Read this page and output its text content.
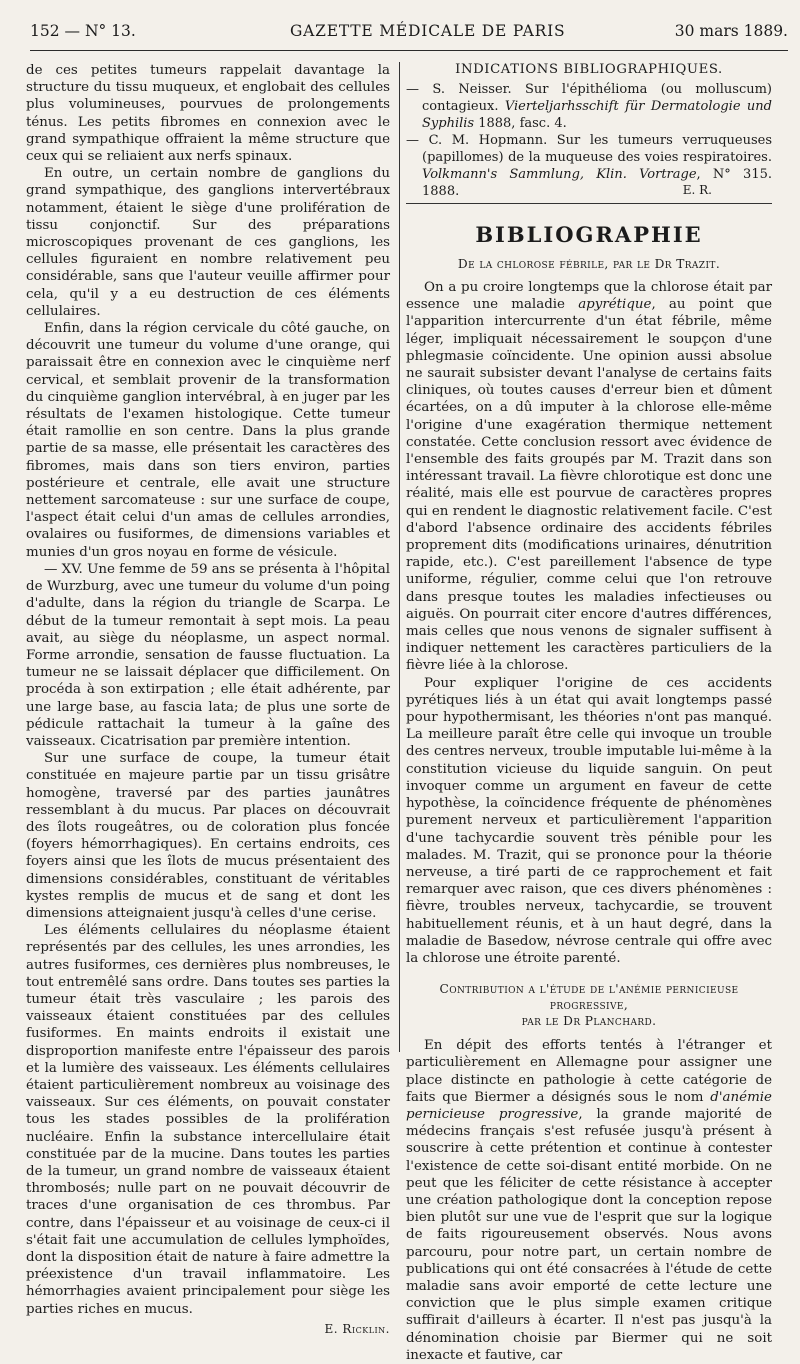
152 — N° 13.	GAZETTE MÉDICALE DE PARIS	30 mars 1889.

de ces petites tumeurs rappelait davantage la structure du tissu muqueux, et englobait des cellules plus volumineuses, pourvues de prolongements ténus. Les petits fibromes en connexion avec le grand sympathique offraient la même structure que ceux qui se reliaient aux nerfs spinaux.

En outre, un certain nombre de ganglions du grand sympathique, des ganglions intervertébraux notamment, étaient le siège d'une prolifération de tissu conjonctif. Sur des préparations microscopiques provenant de ces ganglions, les cellules figuraient en nombre relativement peu considérable, sans que l'auteur veuille affirmer pour cela, qu'il y a eu destruction de ces éléments cellulaires.

Enfin, dans la région cervicale du côté gauche, on découvrit une tumeur du volume d'une orange, qui paraissait être en connexion avec le cinquième nerf cervical, et semblait provenir de la transformation du cinquième ganglion intervébral, à en juger par les résultats de l'examen histologique. Cette tumeur était ramollie en son centre. Dans la plus grande partie de sa masse, elle présentait les caractères des fibromes, mais dans son tiers environ, parties postérieure et centrale, elle avait une structure nettement sarcomateuse : sur une surface de coupe, l'aspect était celui d'un amas de cellules arrondies, ovalaires ou fusiformes, de dimensions variables et munies d'un gros noyau en forme de vésicule.

— XV. Une femme de 59 ans se présenta à l'hôpital de Wurzburg, avec une tumeur du volume d'un poing d'adulte, dans la région du triangle de Scarpa. Le début de la tumeur remontait à sept mois. La peau avait, au siège du néoplasme, un aspect normal. Forme arrondie, sensation de fausse fluctuation. La tumeur ne se laissait déplacer que difficilement. On procéda à son extirpation ; elle était adhérente, par une large base, au fascia lata; de plus une sorte de pédicule rattachait la tumeur à la gaîne des vaisseaux. Cicatrisation par première intention.

Sur une surface de coupe, la tumeur était constituée en majeure partie par un tissu grisâtre homogène, traversé par des parties jaunâtres ressemblant à du mucus. Par places on découvrait des îlots rougeâtres, ou de coloration plus foncée (foyers hémorrhagiques). En certains endroits, ces foyers ainsi que les îlots de mucus présentaient des dimensions considérables, constituant de véritables kystes remplis de mucus et de sang et dont les dimensions atteignaient jusqu'à celles d'une cerise.

Les éléments cellulaires du néoplasme étaient représentés par des cellules, les unes arrondies, les autres fusiformes, ces dernières plus nombreuses, le tout entremêlé sans ordre. Dans toutes ses parties la tumeur était très vasculaire ; les parois des vaisseaux étaient constituées par des cellules fusiformes. En maints endroits il existait une disproportion manifeste entre l'épaisseur des parois et la lumière des vaisseaux. Les éléments cellulaires étaient particulièrement nombreux au voisinage des vaisseaux. Sur ces éléments, on pouvait constater tous les stades possibles de la prolifération nucléaire. Enfin la substance intercellulaire était constituée par de la mucine. Dans toutes les parties de la tumeur, un grand nombre de vaisseaux étaient thrombosés; nulle part on ne pouvait découvrir de traces d'une organisation de ces thrombus. Par contre, dans l'épaisseur et au voisinage de ceux-ci il s'était fait une accumulation de cellules lymphoïdes, dont la disposition était de nature à faire admettre la préexistence d'un travail inflammatoire. Les hémorrhagies avaient principalement pour siège les parties riches en mucus.

E. Ricklin.
INDICATIONS BIBLIOGRAPHIQUES.
— S. Neisser. Sur l'épithélioma (ou molluscum) contagieux. Vierteljarhsschift für Dermatologie und Syphilis 1888, fasc. 4.
— C. M. Hopmann. Sur les tumeurs verruqueuses (papillomes) de la muqueuse des voies respiratoires. Volkmann's Sammlung, Klin. Vortrage, N° 315. 1888.	E. R.
BIBLIOGRAPHIE
De la chlorose fébrile, par le Dr Trazit.

On a pu croire longtemps que la chlorose était par essence une maladie apyrétique, au point que l'apparition intercurrente d'un état fébrile, même léger, impliquait nécessairement le soupçon d'une phlegmasie coïncidente. Une opinion aussi absolue ne saurait subsister devant l'analyse de certains faits cliniques, où toutes causes d'erreur bien et dûment écartées, on a dû imputer à la chlorose elle-même l'origine d'une exagération thermique nettement constatée. Cette conclusion ressort avec évidence de l'ensemble des faits groupés par M. Trazit dans son intéressant travail. La fièvre chlorotique est donc une réalité, mais elle est pourvue de caractères propres qui en rendent le diagnostic relativement facile. C'est d'abord l'absence ordinaire des accidents fébriles proprement dits (modifications urinaires, dénutrition rapide, etc.). C'est pareillement l'absence de type uniforme, régulier, comme celui que l'on retrouve dans presque toutes les maladies infectieuses ou aiguës. On pourrait citer encore d'autres différences, mais celles que nous venons de signaler suffisent à indiquer nettement les caractères particuliers de la fièvre liée à la chlorose.

Pour expliquer l'origine de ces accidents pyrétiques liés à un état qui avait longtemps passé pour hypothermisant, les théories n'ont pas manqué. La meilleure paraît être celle qui invoque un trouble des centres nerveux, trouble imputable lui-même à la constitution vicieuse du liquide sanguin. On peut invoquer comme un argument en faveur de cette hypothèse, la coïncidence fréquente de phénomènes purement nerveux et particulièrement l'apparition d'une tachycardie souvent très pénible pour les malades. M. Trazit, qui se prononce pour la théorie nerveuse, a tiré parti de ce rapprochement et fait remarquer avec raison, que ces divers phénomènes : fièvre, troubles nerveux, tachycardie, se trouvent habituellement réunis, et à un haut degré, dans la maladie de Basedow, névrose centrale qui offre avec la chlorose une étroite parenté.

Contribution a l'étude de l'anémie pernicieuse progressive,
par le Dr Planchard.

En dépit des efforts tentés à l'étranger et particulièrement en Allemagne pour assigner une place distincte en pathologie à cette catégorie de faits que Biermer a désignés sous le nom d'anémie pernicieuse progressive, la grande majorité de médecins français s'est refusée jusqu'à présent à souscrire à cette prétention et continue à contester l'existence de cette soi-disant entité morbide. On ne peut que les féliciter de cette résistance à accepter une création pathologique dont la conception repose bien plutôt sur une vue de l'esprit que sur la logique de faits rigoureusement observés. Nous avons parcouru, pour notre part, un certain nombre de publications qui ont été consacrées à l'étude de cette maladie sans avoir emporté de cette lecture une conviction que le plus simple examen critique suffirait d'ailleurs à écarter. Il n'est pas jusqu'à la dénomination choisie par Biermer qui ne soit inexacte et fautive, car
